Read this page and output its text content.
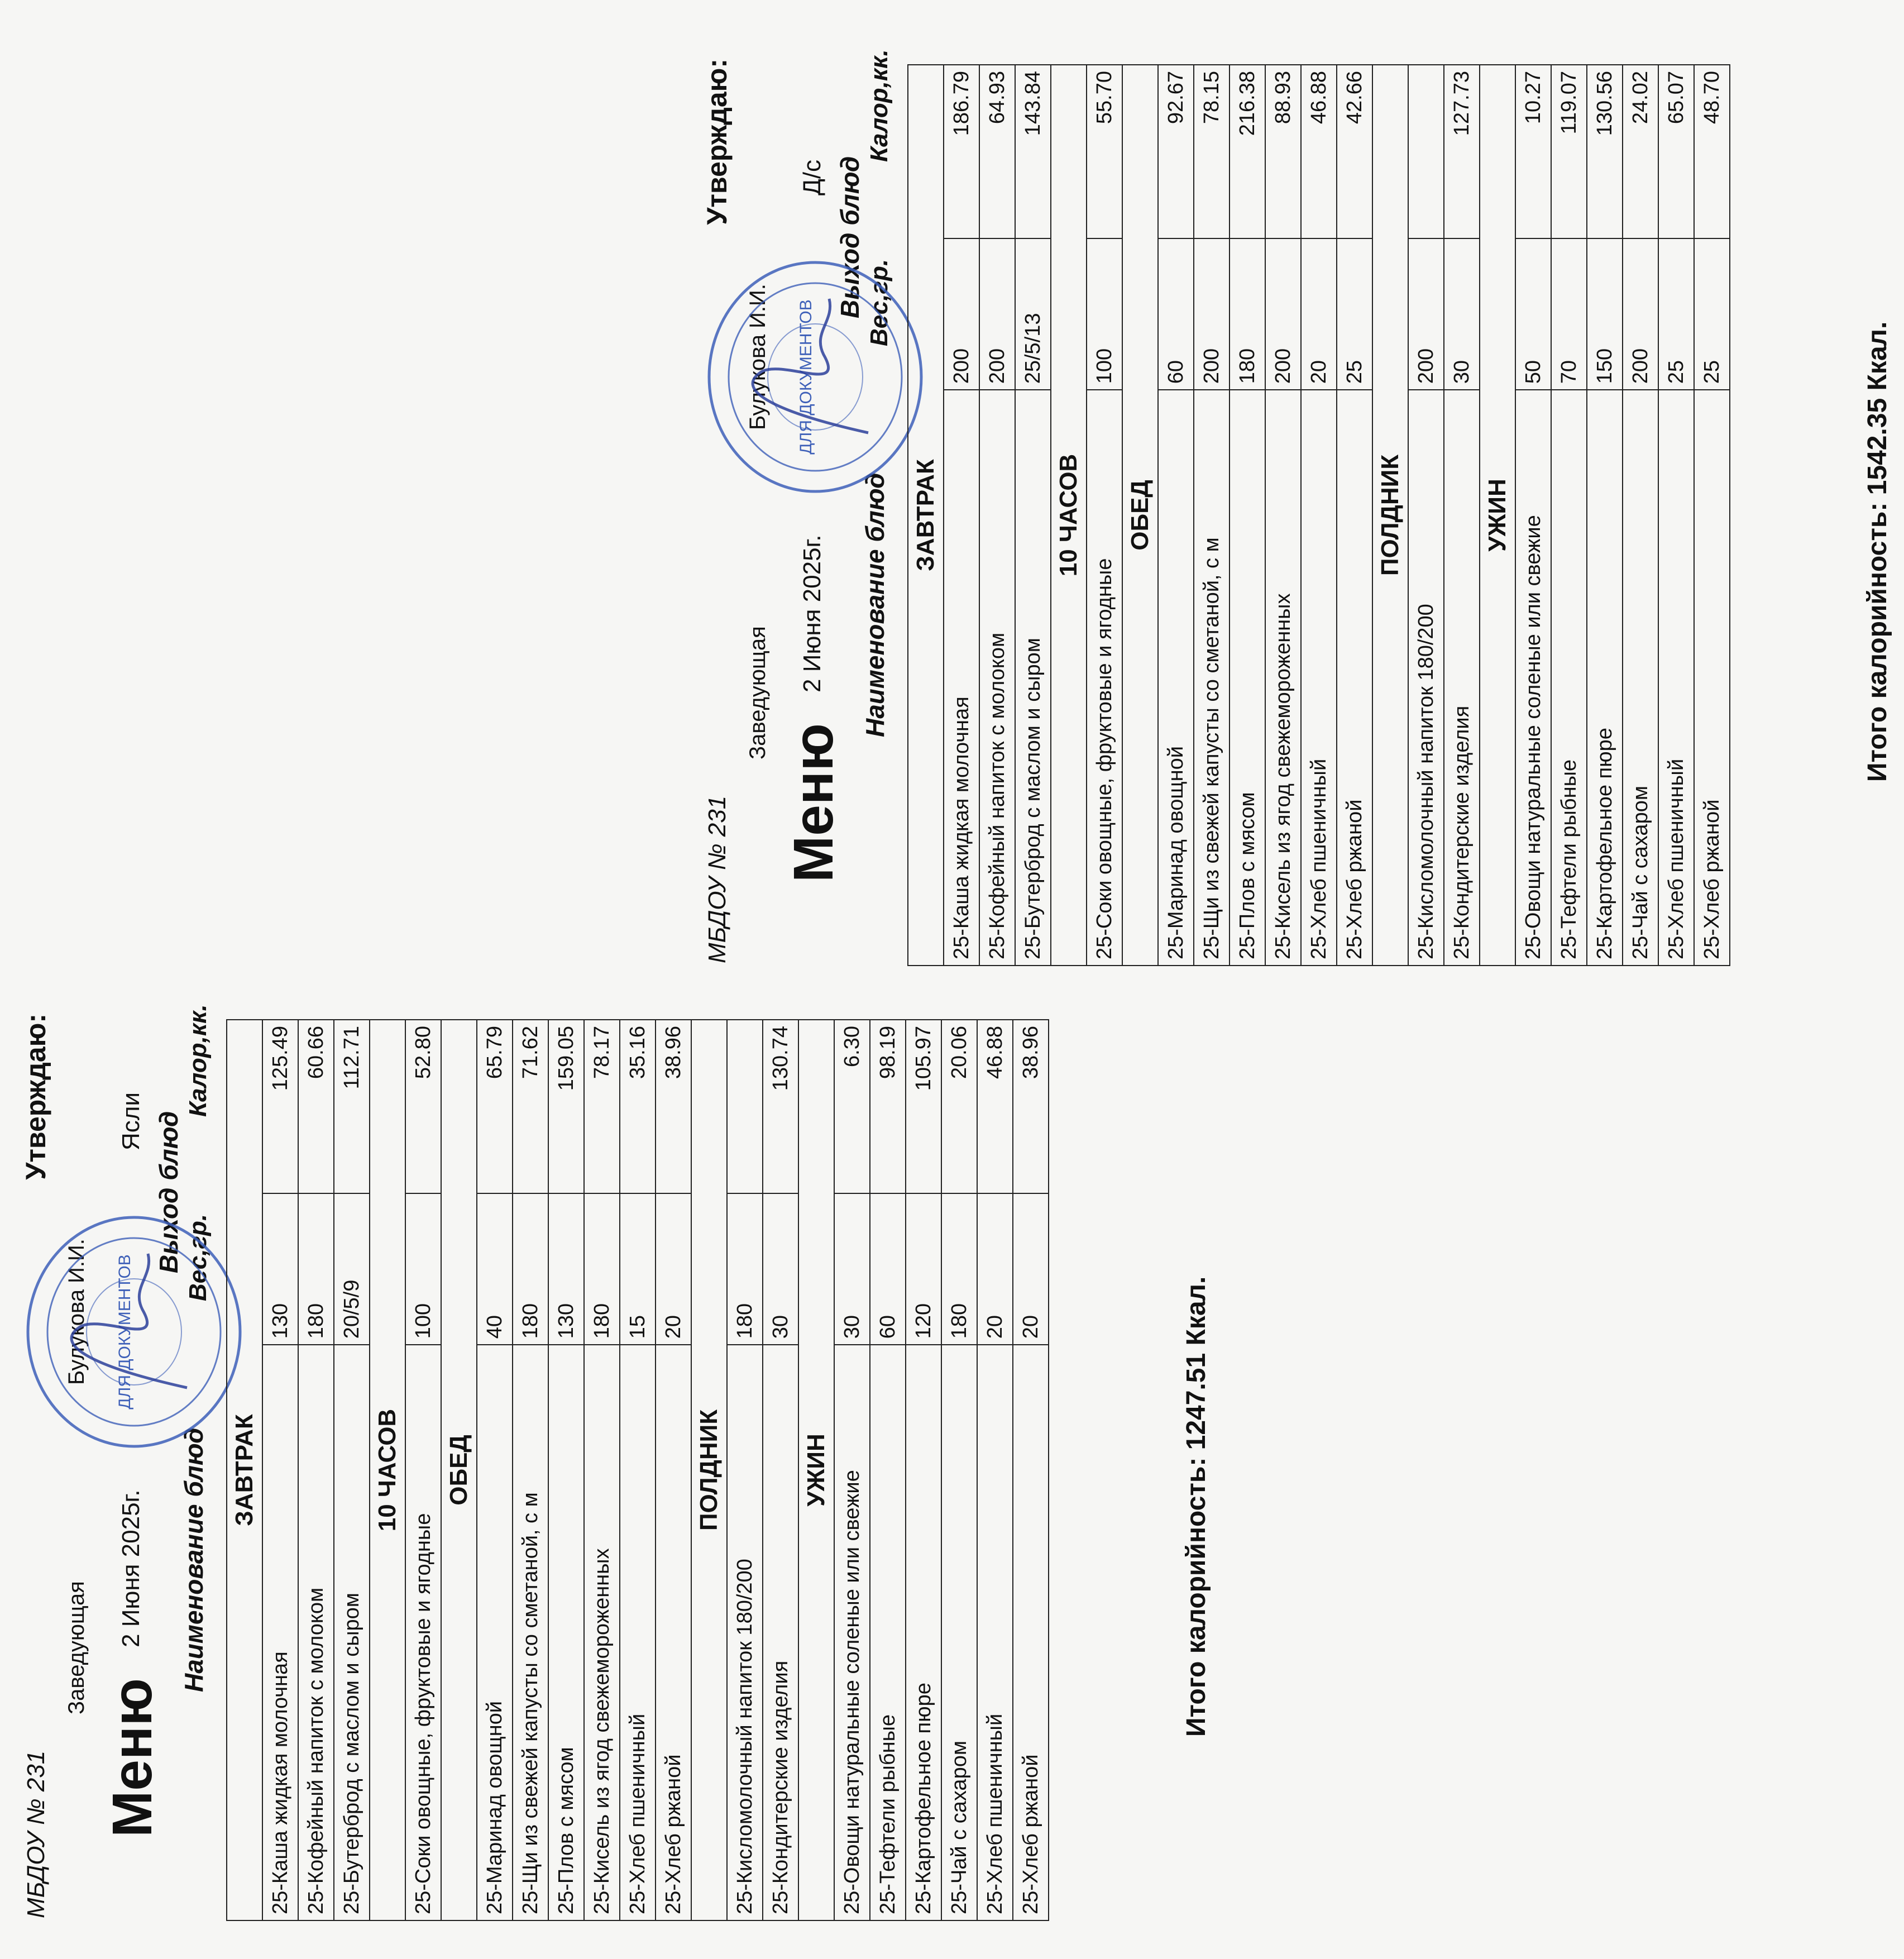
МБДОУ № 231
Утверждаю:
Заведующая
Булукова И.И.
Меню
2 Июня 2025г.
Ясли
Наименование блюд
Выход блюд Вес,гр.
Калор,кк.
ДЛЯ ДОКУМЕНТОВ
ЗАВТРАК		
25-Каша жидкая молочная	130	125.49
25-Кофейный напиток с молоком	180	60.66
25-Бутерброд с маслом и сыром	20/5/9	112.71
10 ЧАСОВ		
25-Соки овощные, фруктовые и ягодные	100	52.80
ОБЕД		
25-Маринад овощной	40	65.79
25-Щи из свежей капусты со сметаной, с м	180	71.62
25-Плов с мясом	130	159.05
25-Кисель из ягод свежемороженных	180	78.17
25-Хлеб пшеничный	15	35.16
25-Хлеб ржаной	20	38.96
ПОЛДНИК		
25-Кисломолочный напиток 180/200	180	
25-Кондитерские изделия	30	130.74
УЖИН		
25-Овощи натуральные соленые или свежие	30	6.30
25-Тефтели рыбные	60	98.19
25-Картофельное пюре	120	105.97
25-Чай с сахаром	180	20.06
25-Хлеб пшеничный	20	46.88
25-Хлеб ржаной	20	38.96
Итого калорийность: 1247.51 Ккал.
МБДОУ № 231
Утверждаю:
Заведующая
Булукова И.И.
Меню
2 Июня 2025г.
Д/с
Наименование блюд
Выход блюд Вес,гр.
Калор,кк.
ДЛЯ ДОКУМЕНТОВ
ЗАВТРАК		
25-Каша жидкая молочная	200	186.79
25-Кофейный напиток с молоком	200	64.93
25-Бутерброд с маслом и сыром	25/5/13	143.84
10 ЧАСОВ		
25-Соки овощные, фруктовые и ягодные	100	55.70
ОБЕД		
25-Маринад овощной	60	92.67
25-Щи из свежей капусты со сметаной, с м	200	78.15
25-Плов с мясом	180	216.38
25-Кисель из ягод свежемороженных	200	88.93
25-Хлеб пшеничный	20	46.88
25-Хлеб ржаной	25	42.66
ПОЛДНИК		
25-Кисломолочный напиток 180/200	200	
25-Кондитерские изделия	30	127.73
УЖИН		
25-Овощи натуральные соленые или свежие	50	10.27
25-Тефтели рыбные	70	119.07
25-Картофельное пюре	150	130.56
25-Чай с сахаром	200	24.02
25-Хлеб пшеничный	25	65.07
25-Хлеб ржаной	25	48.70
Итого калорийность: 1542.35 Ккал.
